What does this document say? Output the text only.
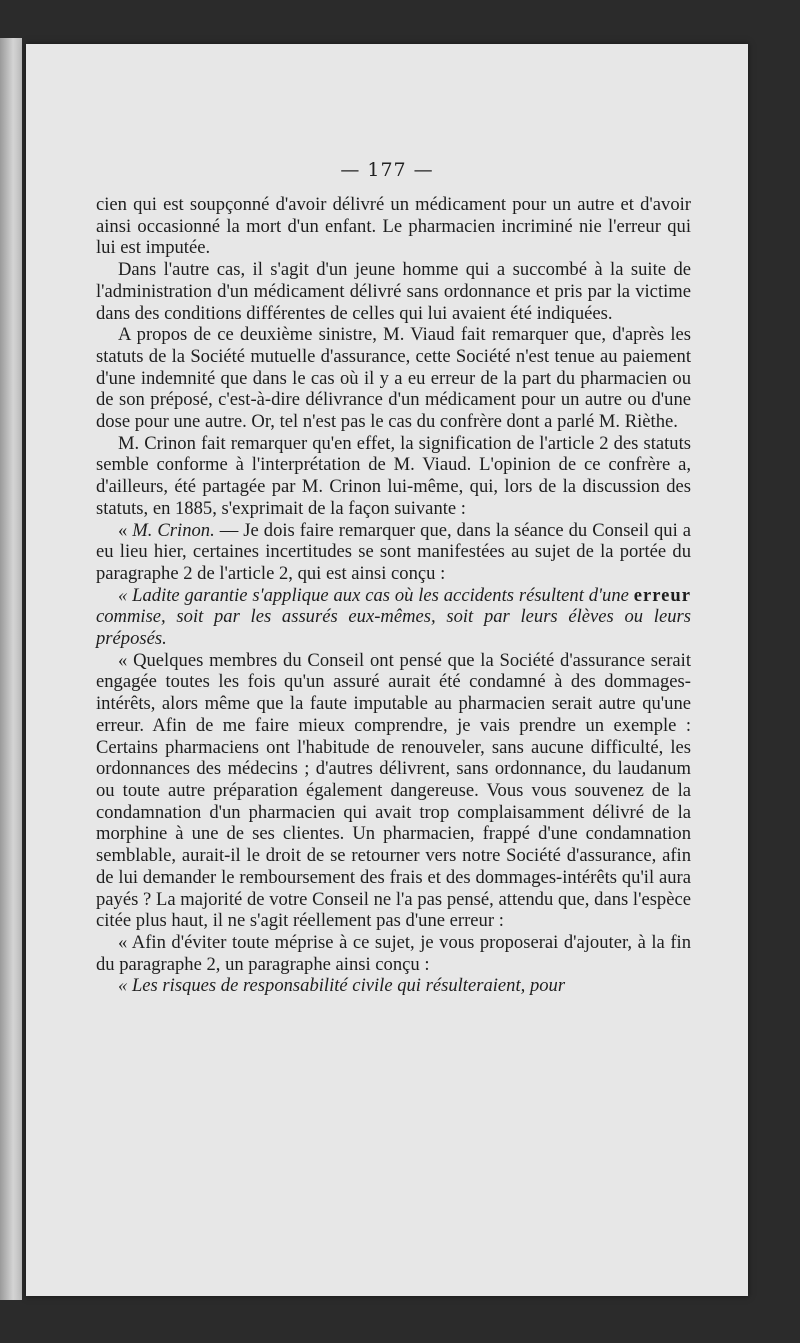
— 177 —

cien qui est soupçonné d'avoir délivré un médicament pour un autre et d'avoir ainsi occasionné la mort d'un enfant. Le pharmacien incriminé nie l'erreur qui lui est imputée.

Dans l'autre cas, il s'agit d'un jeune homme qui a succombé à la suite de l'administration d'un médicament délivré sans ordonnance et pris par la victime dans des conditions différentes de celles qui lui avaient été indiquées.

A propos de ce deuxième sinistre, M. Viaud fait remarquer que, d'après les statuts de la Société mutuelle d'assurance, cette Société n'est tenue au paiement d'une indemnité que dans le cas où il y a eu erreur de la part du pharmacien ou de son préposé, c'est-à-dire délivrance d'un médicament pour un autre ou d'une dose pour une autre. Or, tel n'est pas le cas du confrère dont a parlé M. Rièthe.

M. Crinon fait remarquer qu'en effet, la signification de l'article 2 des statuts semble conforme à l'interprétation de M. Viaud. L'opinion de ce confrère a, d'ailleurs, été partagée par M. Crinon lui-même, qui, lors de la discussion des statuts, en 1885, s'exprimait de la façon suivante :

« M. Crinon. — Je dois faire remarquer que, dans la séance du Conseil qui a eu lieu hier, certaines incertitudes se sont manifestées au sujet de la portée du paragraphe 2 de l'article 2, qui est ainsi conçu :

« Ladite garantie s'applique aux cas où les accidents résultent d'une erreur commise, soit par les assurés eux-mêmes, soit par leurs élèves ou leurs préposés.

« Quelques membres du Conseil ont pensé que la Société d'assurance serait engagée toutes les fois qu'un assuré aurait été condamné à des dommages-intérêts, alors même que la faute imputable au pharmacien serait autre qu'une erreur. Afin de me faire mieux comprendre, je vais prendre un exemple : Certains pharmaciens ont l'habitude de renouveler, sans aucune difficulté, les ordonnances des médecins ; d'autres délivrent, sans ordonnance, du laudanum ou toute autre préparation également dangereuse. Vous vous souvenez de la condamnation d'un pharmacien qui avait trop complaisamment délivré de la morphine à une de ses clientes. Un pharmacien, frappé d'une condamnation semblable, aurait-il le droit de se retourner vers notre Société d'assurance, afin de lui demander le remboursement des frais et des dommages-intérêts qu'il aura payés ? La majorité de votre Conseil ne l'a pas pensé, attendu que, dans l'espèce citée plus haut, il ne s'agit réellement pas d'une erreur :

« Afin d'éviter toute méprise à ce sujet, je vous proposerai d'ajouter, à la fin du paragraphe 2, un paragraphe ainsi conçu :

« Les risques de responsabilité civile qui résulteraient, pour
